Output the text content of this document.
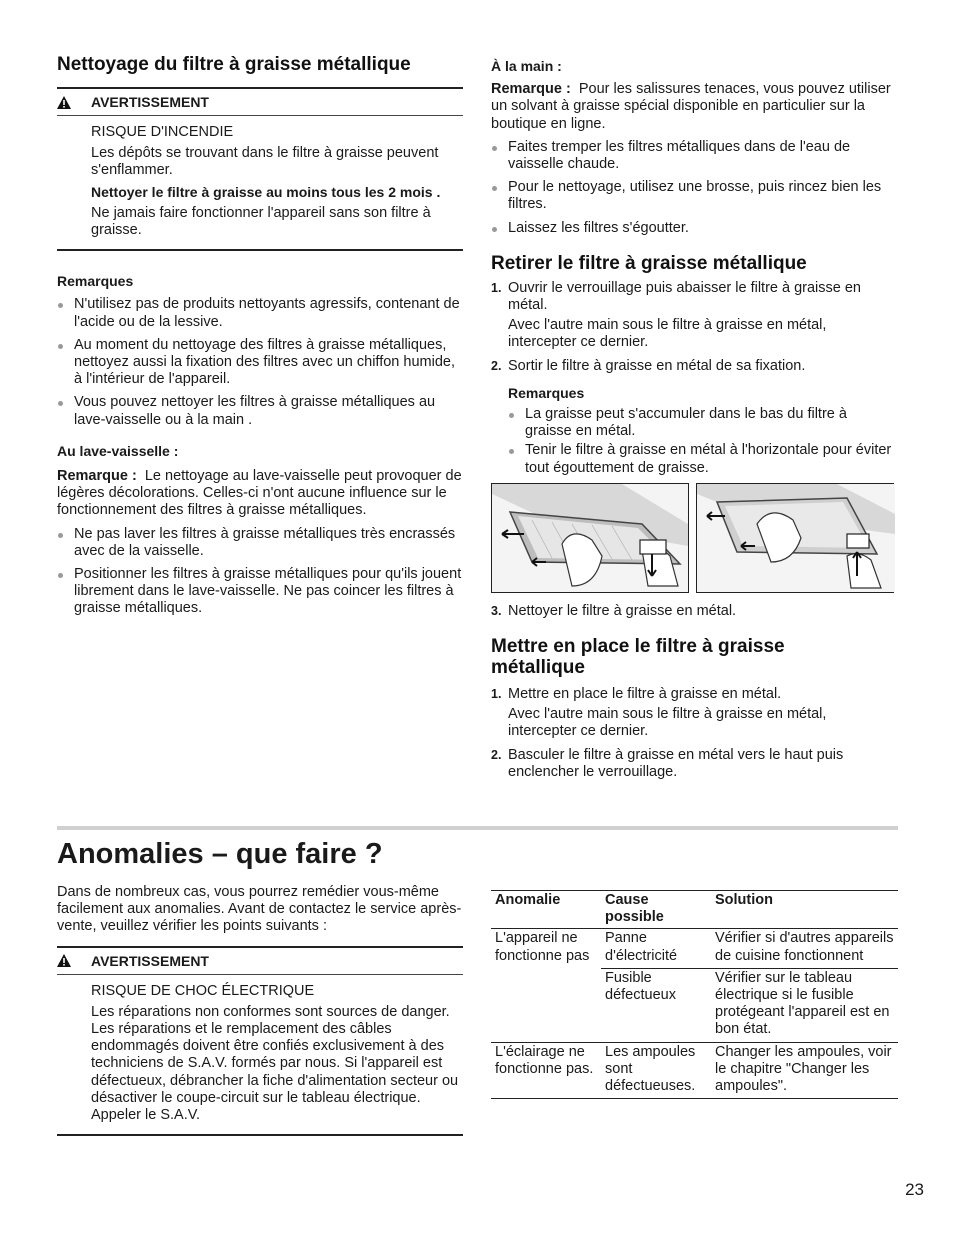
Nettoyage du filtre à graisse métallique
AVERTISSEMENT

RISQUE D'INCENDIE

Les dépôts se trouvant dans le filtre à graisse peuvent s'enflammer.

Nettoyer le filtre à graisse au moins tous les 2 mois .

Ne jamais faire fonctionner l'appareil sans son filtre à graisse.

Remarques

N'utilisez pas de produits nettoyants agressifs, contenant de l'acide ou de la lessive.
Au moment du nettoyage des filtres à graisse métalliques, nettoyez aussi la fixation des filtres avec un chiffon humide, à l'intérieur de l'appareil.
Vous pouvez nettoyer les filtres à graisse métalliques au lave-vaisselle ou à la main .

Au lave-vaisselle :

Remarque : Le nettoyage au lave-vaisselle peut provoquer de légères décolorations. Celles-ci n'ont aucune influence sur le fonctionnement des filtres à graisse métalliques.

Ne pas laver les filtres à graisse métalliques très encrassés avec de la vaisselle.
Positionner les filtres à graisse métalliques pour qu'ils jouent librement dans le lave-vaisselle. Ne pas coincer les filtres à graisse métalliques.

À la main :

Remarque : Pour les salissures tenaces, vous pouvez utiliser un solvant à graisse spécial disponible en particulier sur la boutique en ligne.

Faites tremper les filtres métalliques dans de l'eau de vaisselle chaude.
Pour le nettoyage, utilisez une brosse, puis rincez bien les filtres.
Laissez les filtres s'égoutter.
Retirer le filtre à graisse métallique
1. Ouvrir le verrouillage puis abaisser le filtre à graisse en métal.

Avec l'autre main sous le filtre à graisse en métal, intercepter ce dernier.

2. Sortir le filtre à graisse en métal de sa fixation.

Remarques

La graisse peut s'accumuler dans le bas du filtre à graisse en métal.
Tenir le filtre à graisse en métal à l'horizontale pour éviter tout égouttement de graisse.
3. Nettoyer le filtre à graisse en métal.
Mettre en place le filtre à graisse métallique
1. Mettre en place le filtre à graisse en métal.

Avec l'autre main sous le filtre à graisse en métal, intercepter ce dernier.

2. Basculer le filtre à graisse en métal vers le haut puis enclencher le verrouillage.
Anomalies – que faire ?

Dans de nombreux cas, vous pourrez remédier vous-même facilement aux anomalies. Avant de contactez le service après-vente, veuillez vérifier les points suivants :

AVERTISSEMENT

RISQUE DE CHOC ÉLECTRIQUE

Les réparations non conformes sont sources de danger. Les réparations et le remplacement des câbles endommagés doivent être confiés exclusivement à des techniciens de S.A.V. formés par nous. Si l'appareil est défectueux, débrancher la fiche d'alimentation secteur ou désactiver le coupe-circuit sur le tableau électrique. Appeler le S.A.V.

Anomalie	Cause possible	Solution
L'appareil ne fonctionne pas	Panne d'électricité	Vérifier si d'autres appareils de cuisine fonctionnent
	Fusible défectueux	Vérifier sur le tableau électrique si le fusible protégeant l'appareil est en bon état.
L'éclairage ne fonctionne pas.	Les ampoules sont défectueuses.	Changer les ampoules, voir le chapitre "Changer les ampoules".
23
